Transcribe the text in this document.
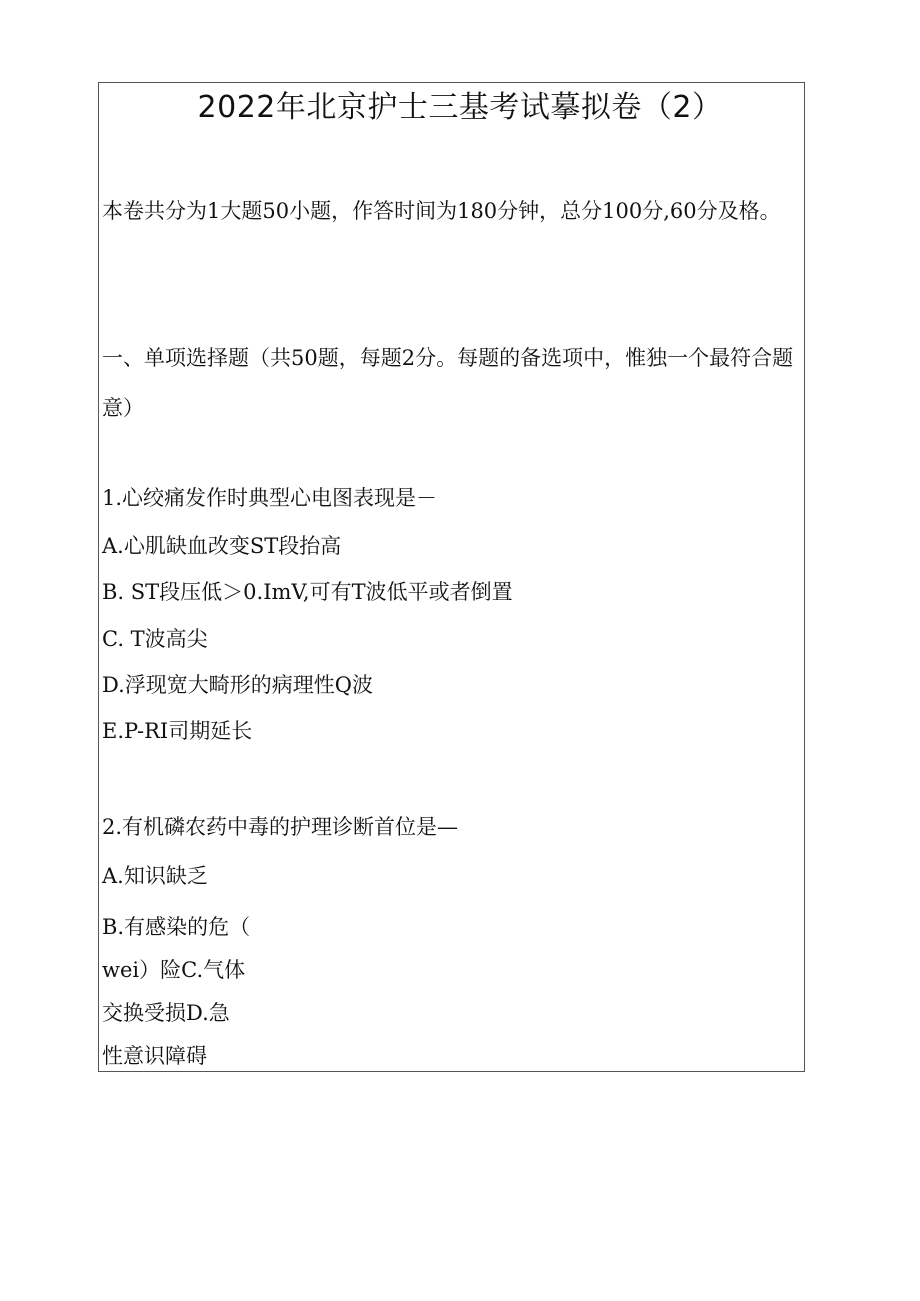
2022年北京护士三基考试摹拟卷（2）

本卷共分为1大题50小题，作答时间为180分钟，总分100分,60分及格。

一、单项选择题（共50题，每题2分。每题的备选项中，惟独一个最符合题意）

1.心绞痛发作时典型心电图表现是－

A.心肌缺血改变ST段抬高

B. ST段压低＞0.ImV,可有T波低平或者倒置

C. T波高尖

D.浮现宽大畸形的病理性Q波

E.P-RI司期延长

2.有机磷农药中毒的护理诊断首位是—

A.知识缺乏

B.有感染的危（

wei）险C.气体

交换受损D.急

性意识障碍
